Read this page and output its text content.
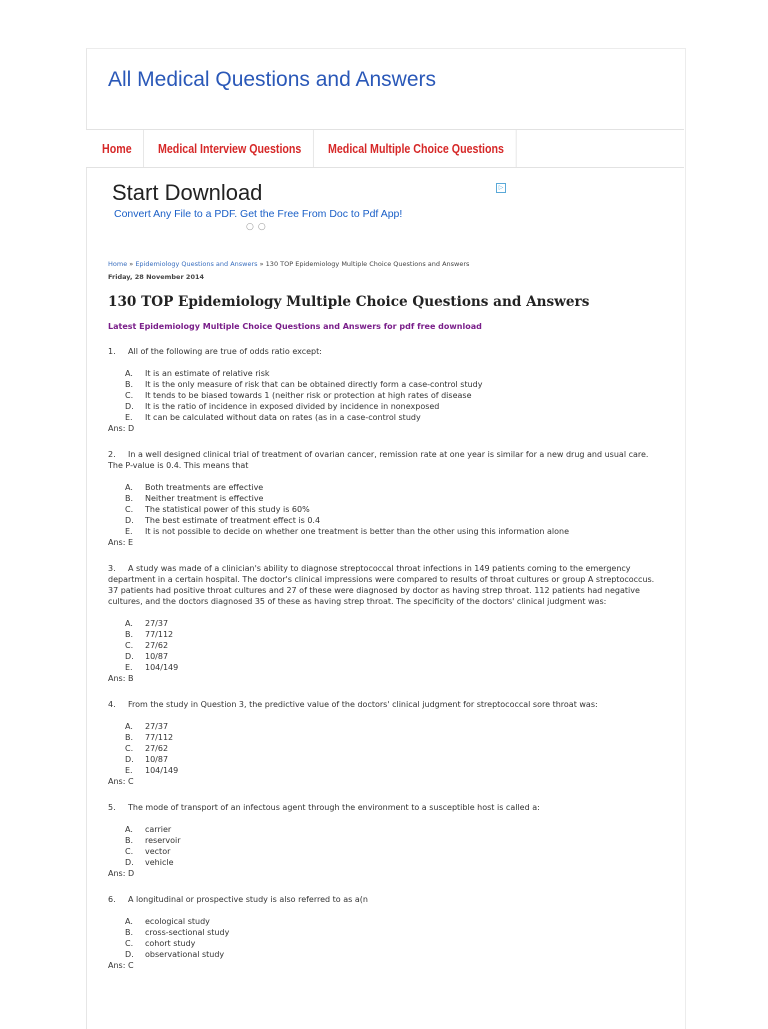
All Medical Questions and Answers
Home	Medical Interview Questions	Medical Multiple Choice Questions
Start Download
Convert Any File to a PDF. Get the Free From Doc to Pdf App!
○○
▷
Home » Epidemiology Questions and Answers » 130 TOP Epidemiology Multiple Choice Questions and Answers
Friday, 28 November 2014
130 TOP Epidemiology Multiple Choice Questions and Answers
Latest Epidemiology Multiple Choice Questions and Answers for pdf free download
1. All of the following are true of odds ratio except:
A. It is an estimate of relative risk
B. It is the only measure of risk that can be obtained directly form a case-control study
C. It tends to be biased towards 1 (neither risk or protection at high rates of disease
D. It is the ratio of incidence in exposed divided by incidence in nonexposed
E. It can be calculated without data on rates (as in a case-control study
Ans: D
2. In a well designed clinical trial of treatment of ovarian cancer, remission rate at one year is similar for a new drug and usual care. The P-value is 0.4. This means that
A. Both treatments are effective
B. Neither treatment is effective
C. The statistical power of this study is 60%
D. The best estimate of treatment effect is 0.4
E. It is not possible to decide on whether one treatment is better than the other using this information alone
Ans: E
3. A study was made of a clinician's ability to diagnose streptococcal throat infections in 149 patients coming to the emergency department in a certain hospital. The doctor's clinical impressions were compared to results of throat cultures or group A streptococcus. 37 patients had positive throat cultures and 27 of these were diagnosed by doctor as having strep throat. 112 patients had negative cultures, and the doctors diagnosed 35 of these as having strep throat. The specificity of the doctors' clinical judgment was:
A. 27/37
B. 77/112
C. 27/62
D. 10/87
E. 104/149
Ans: B
4. From the study in Question 3, the predictive value of the doctors' clinical judgment for streptococcal sore throat was:
A. 27/37
B. 77/112
C. 27/62
D. 10/87
E. 104/149
Ans: C
5. The mode of transport of an infectous agent through the environment to a susceptible host is called a:
A. carrier
B. reservoir
C. vector
D. vehicle
Ans: D
6. A longitudinal or prospective study is also referred to as a(n
A. ecological study
B. cross-sectional study
C. cohort study
D. observational study
Ans: C
